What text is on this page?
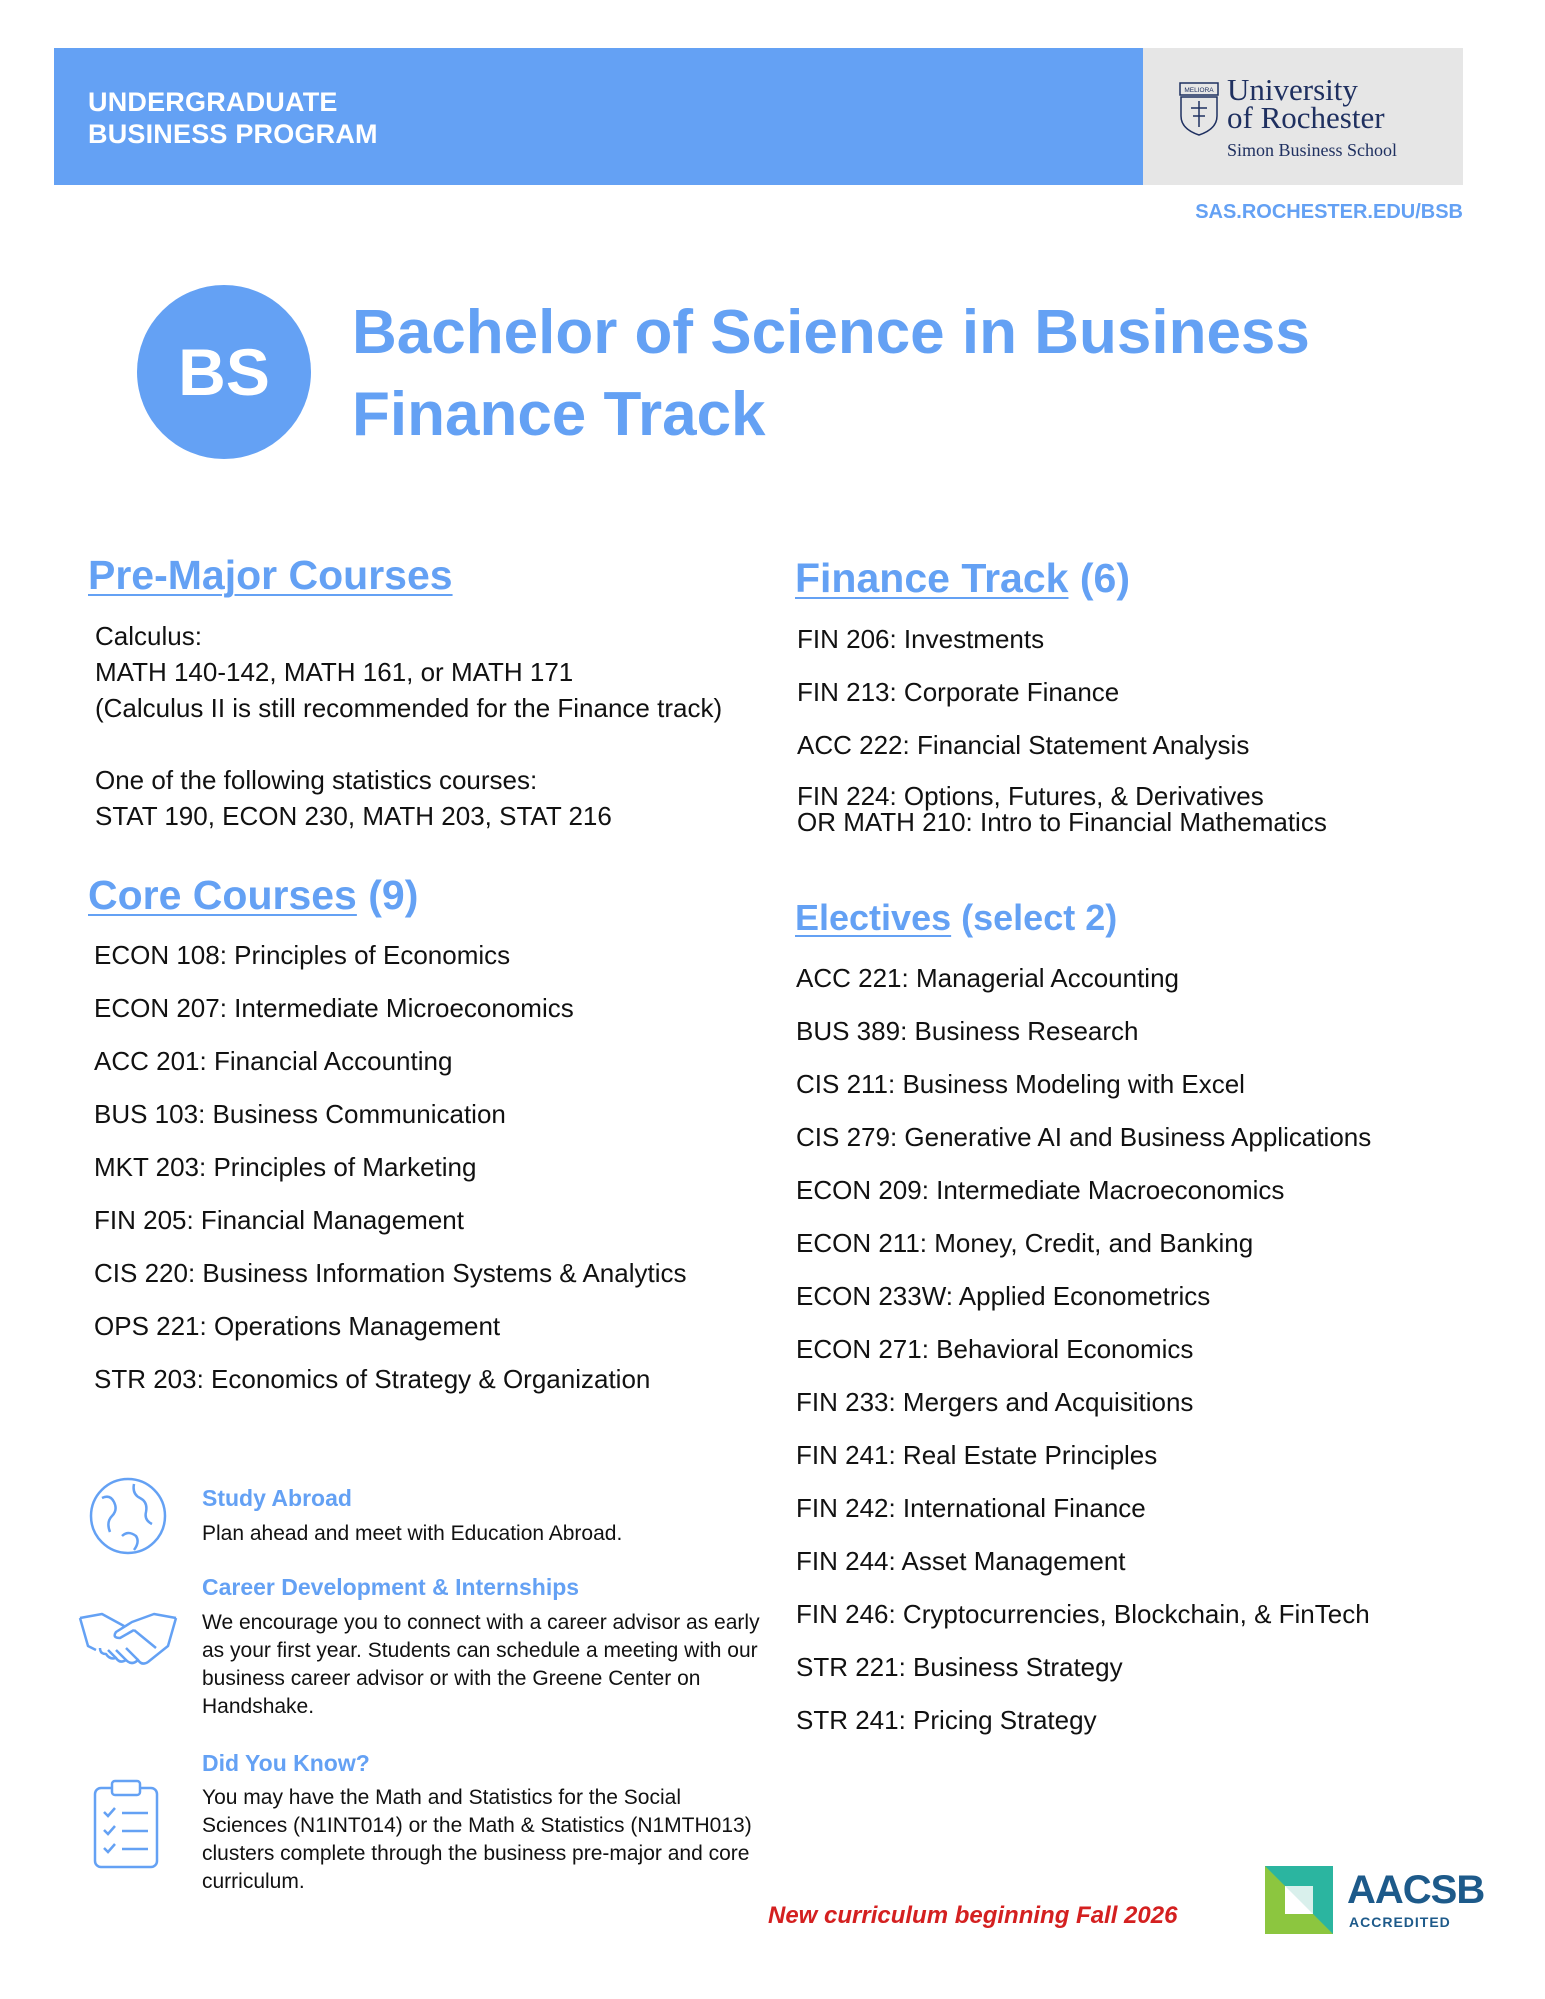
UNDERGRADUATE
BUSINESS PROGRAM
MELIORA University
of Rochester
Simon Business School
SAS.ROCHESTER.EDU/BSB
BS
Bachelor of Science in Business
Finance Track
Pre-Major Courses
Calculus:
MATH 140-142, MATH 161, or MATH 171
(Calculus II is still recommended for the Finance track)
One of the following statistics courses:
STAT 190, ECON 230, MATH 203, STAT 216
Core Courses (9)
ECON 108: Principles of Economics
ECON 207: Intermediate Microeconomics
ACC 201: Financial Accounting
BUS 103: Business Communication
MKT 203: Principles of Marketing
FIN 205: Financial Management
CIS 220: Business Information Systems & Analytics
OPS 221: Operations Management
STR 203: Economics of Strategy & Organization
Finance Track (6)
FIN 206: Investments
FIN 213: Corporate Finance
ACC 222: Financial Statement Analysis
FIN 224: Options, Futures, & Derivatives
OR MATH 210: Intro to Financial Mathematics
Electives (select 2)
ACC 221: Managerial Accounting
BUS 389: Business Research
CIS 211: Business Modeling with Excel
CIS 279: Generative AI and Business Applications
ECON 209: Intermediate Macroeconomics
ECON 211: Money, Credit, and Banking
ECON 233W: Applied Econometrics
ECON 271: Behavioral Economics
FIN 233: Mergers and Acquisitions
FIN 241: Real Estate Principles
FIN 242: International Finance
FIN 244: Asset Management
FIN 246: Cryptocurrencies, Blockchain, & FinTech
STR 221: Business Strategy
STR 241: Pricing Strategy
Study Abroad
Plan ahead and meet with Education Abroad.
Career Development & Internships
We encourage you to connect with a career advisor as early as your first year. Students can schedule a meeting with our business career advisor or with the Greene Center on Handshake.
Did You Know?
You may have the Math and Statistics for the Social Sciences (N1INT014) or the Math & Statistics (N1MTH013) clusters complete through the business pre-major and core curriculum.
New curriculum beginning Fall 2026
AACSB
ACCREDITED
